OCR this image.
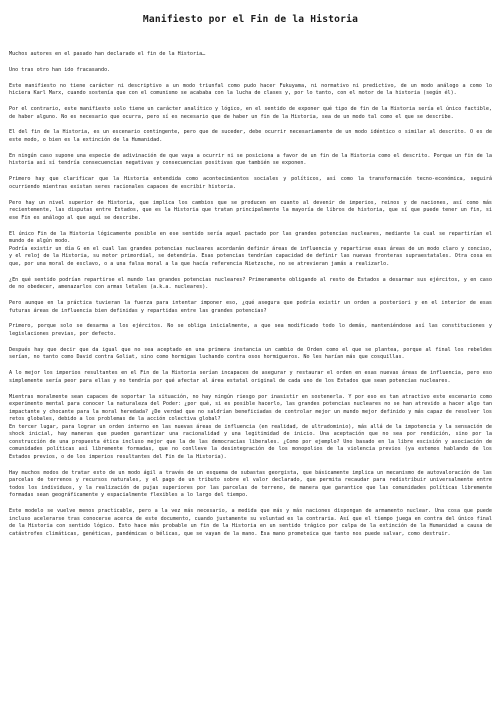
Manifiesto por el Fin de la Historia

Muchos autores en el pasado han declarado el fin de la Historia…

Uno tras otro han ido fracasando.

Este manifiesto no tiene carácter ni descriptivo a un modo triunfal como pudo hacer Fukuyama, ni normativo ni predictivo, de un modo análogo a como lo hiciera Karl Marx, cuando sostenía que con el comunismo se acababa con la lucha de clases y, por lo tanto, con el motor de la historia (según él).

Por el contrario, este manifiesto solo tiene un carácter analítico y lógico, en el sentido de exponer qué tipo de fin de la Historia sería el único factible, de haber alguno. No es necesario que ocurra, pero sí es necesario que de haber un fin de la Historia, sea de un modo tal como el que se describe.

El del fin de la Historia, es un escenario contingente, pero que de suceder, debe ocurrir necesariamente de un modo idéntico o similar al descrito. O es de este modo, o bien es la extinción de la Humanidad.

En ningún caso supone una especie de adivinación de que vaya a ocurrir ni se posiciona a favor de un fin de la Historia como el descrito. Porque un fin de la historia así sí tendría consecuencias negativas y consecuencias positivas que también se exponen.

Primero hay que clarificar que la Historia entendida como acontecimientos sociales y políticos, así como la transformación tecno-económica, seguirá ocurriendo mientras existan seres racionales capaces de escribir historia.

Pero hay un nivel superior de Historia, que implica los cambios que se producen en cuanto al devenir de imperios, reinos y de naciones, así como más recientemente, las disputas entre Estados, que es la Historia que tratan principalmente la mayoría de libros de historia, que sí que puede tener un fin, si ese Fin es análogo al que aquí se describe.

El único Fin de la Historia lógicamente posible en ese sentido sería aquel pactado por las grandes potencias nucleares, mediante la cual se repartirían el mundo de algún modo.
Podría existir un día G en el cual las grandes potencias nucleares acordarán definir áreas de influencia y repartirse esas áreas de un modo claro y conciso, y el reloj de la Historia, su motor primordial, se detendría. Esas potencias tendrían capacidad de definir las nuevas fronteras supraestatales. Otra cosa es que, por una moral de esclavo, o a una falsa moral a la que hacía referencia Nietzsche, no se atrevieran jamás a realizarlo.

¿En qué sentido podrían repartirse el mundo las grandes potencias nucleares? Primeramente obligando al resto de Estados a desarmar sus ejércitos, y en caso de no obedecer, amenazarlos con armas letales (a.k.a. nucleares).

Pero aunque en la práctica tuvieran la fuerza para intentar imponer eso, ¿qué asegura que podría existir un orden a posteriori y en el interior de esas futuras áreas de influencia bien definidas y repartidas entre las grandes potencias?

Primero, porque solo se desarma a los ejércitos. No se obliga inicialmente, a que sea modificado todo lo demás, manteniéndose así las constituciones y legislaciones previas, por defecto.

Después hay que decir que da igual que no sea aceptado en una primera instancia un cambio de Orden como el que se plantea, porque al final los rebeldes serían, no tanto como David contra Goliat, sino como hormigas luchando contra osos hormigueros. No les harían más que cosquillas.

A lo mejor los imperios resultantes en el Fin de la Historia serían incapaces de asegurar y restaurar el orden en esas nuevas áreas de influencia, pero eso simplemente sería peor para ellas y no tendría por qué afectar al área estatal original de cada uno de los Estados que sean potencias nucleares.

Mientras moralmente sean capaces de soportar la situación, no hay ningún riesgo por inasistir en sostenerla. Y por eso es tan atractivo este escenario como experimento mental para conocer la naturaleza del Poder: ¿por qué, si es posible hacerlo, las grandes potencias nucleares no se han atrevido a hacer algo tan impactante y chocante para la moral heredada? ¿De verdad que no saldrían beneficiadas de controlar mejor un mundo mejor definido y más capaz de resolver los retos globales, debido a los problemas de la acción colectiva global?
En tercer lugar, para lograr un orden interno en las nuevas áreas de influencia (en realidad, de ultradominio), más allá de la impotencia y la sensación de shock inicial, hay maneras que pueden garantizar una racionalidad y una legitimidad de inicio. Una aceptación que no sea por rendición, sino por la construcción de una propuesta ética incluso mejor que la de las democracias liberales. ¿Como por ejemplo? Uno basado en la libre escisión y asociación de comunidades políticas así libremente formadas, que no conlleve la desintegración de los monopolios de la violencia previos (ya estemos hablando de los Estados previos, o de los imperios resultantes del Fin de la Historia).

Hay muchos modos de tratar esto de un modo ágil a través de un esquema de subastas georgista, que básicamente implica un mecanismo de autovaloración de las parcelas de terrenos y recursos naturales, y el pago de un tributo sobre el valor declarado, que permita recaudar para redistribuir universalmente entre todos los individuos, y la realización de pujas superiores por las parcelas de terreno, de manera que garantice que las comunidades políticas libremente formadas sean geográficamente y espacialmente flexibles a lo largo del tiempo.

Este modelo se vuelve menos practicable, pero a la vez más necesario, a medida que más y más naciones dispongan de armamento nuclear. Una cosa que puede incluso acelerarse tras conocerse acerca de este documento, cuando justamente su voluntad es la contraria. Así que el tiempo juega en contra del único final de la Historia con sentido lógico. Esto hace más probable un fin de la Historia en un sentido trágico por culpa de la extinción de la Humanidad a causa de catástrofes climáticas, genéticas, pandémicas o bélicas, que se vayan de la mano. Esa mano prometeica que tanto nos puede salvar, como destruir.
